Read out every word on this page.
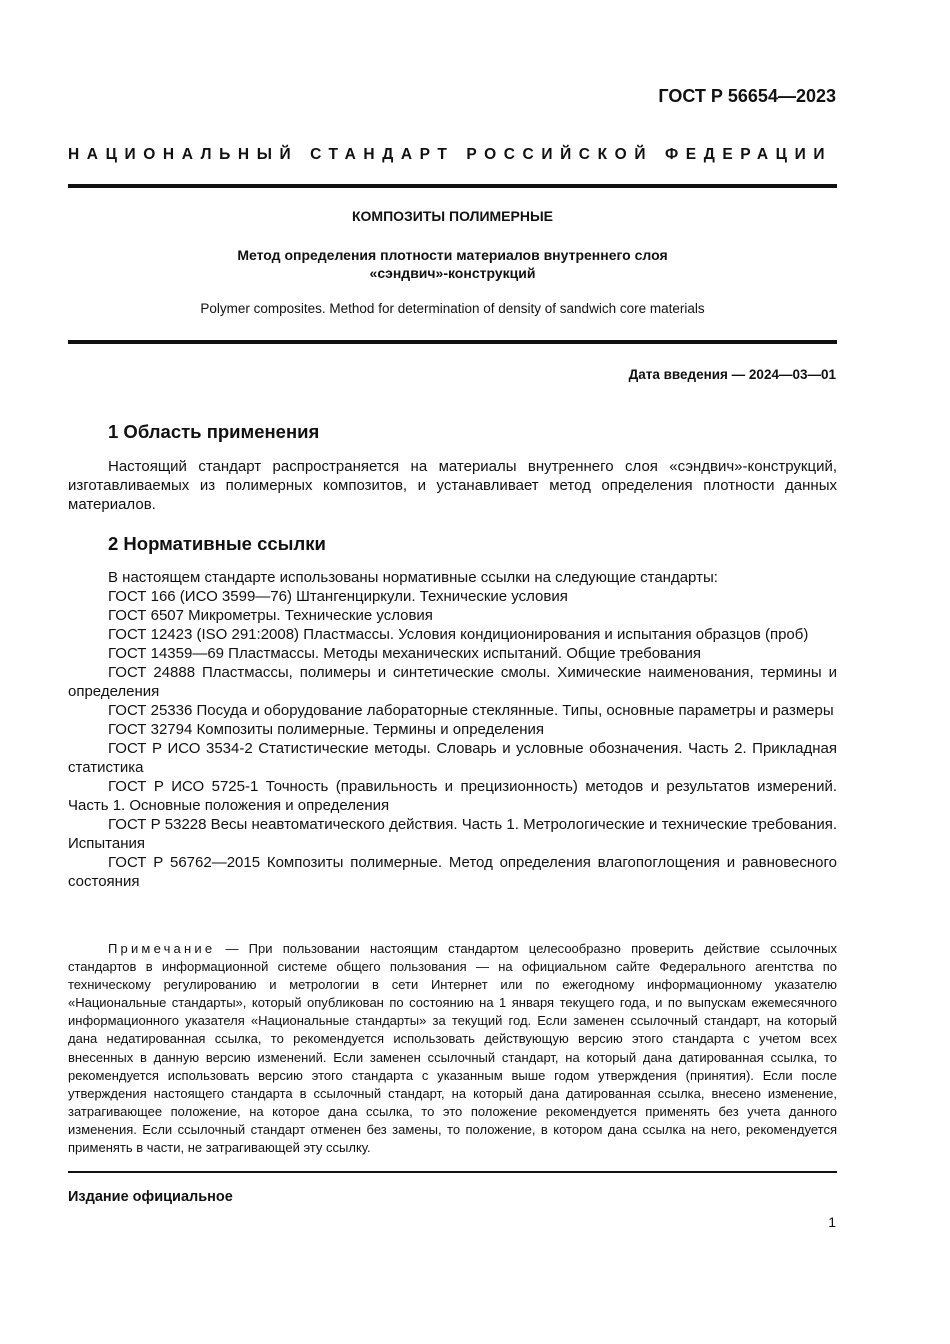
ГОСТ Р 56654—2023
НАЦИОНАЛЬНЫЙ СТАНДАРТ РОССИЙСКОЙ ФЕДЕРАЦИИ
КОМПОЗИТЫ ПОЛИМЕРНЫЕ
Метод определения плотности материалов внутреннего слоя
«сэндвич»-конструкций
Polymer composites. Method for determination of density of sandwich core materials
Дата введения — 2024—03—01
1 Область применения
Настоящий стандарт распространяется на материалы внутреннего слоя «сэндвич»-конструкций, изготавливаемых из полимерных композитов, и устанавливает метод определения плотности данных материалов.
2 Нормативные ссылки

В настоящем стандарте использованы нормативные ссылки на следующие стандарты:

ГОСТ 166 (ИСО 3599—76) Штангенциркули. Технические условия

ГОСТ 6507 Микрометры. Технические условия

ГОСТ 12423 (ISO 291:2008) Пластмассы. Условия кондиционирования и испытания образцов (проб)

ГОСТ 14359—69 Пластмассы. Методы механических испытаний. Общие требования

ГОСТ 24888 Пластмассы, полимеры и синтетические смолы. Химические наименования, термины и определения

ГОСТ 25336 Посуда и оборудование лабораторные стеклянные. Типы, основные параметры и размеры

ГОСТ 32794 Композиты полимерные. Термины и определения

ГОСТ Р ИСО 3534-2 Статистические методы. Словарь и условные обозначения. Часть 2. Прикладная статистика

ГОСТ Р ИСО 5725-1 Точность (правильность и прецизионность) методов и результатов измерений. Часть 1. Основные положения и определения

ГОСТ Р 53228 Весы неавтоматического действия. Часть 1. Метрологические и технические требования. Испытания

ГОСТ Р 56762—2015 Композиты полимерные. Метод определения влагопоглощения и равновесного состояния

Примечание — При пользовании настоящим стандартом целесообразно проверить действие ссылочных стандартов в информационной системе общего пользования — на официальном сайте Федерального агентства по техническому регулированию и метрологии в сети Интернет или по ежегодному информационному указателю «Национальные стандарты», который опубликован по состоянию на 1 января текущего года, и по выпускам ежемесячного информационного указателя «Национальные стандарты» за текущий год. Если заменен ссылочный стандарт, на который дана недатированная ссылка, то рекомендуется использовать действующую версию этого стандарта с учетом всех внесенных в данную версию изменений. Если заменен ссылочный стандарт, на который дана датированная ссылка, то рекомендуется использовать версию этого стандарта с указанным выше годом утверждения (принятия). Если после утверждения настоящего стандарта в ссылочный стандарт, на который дана датированная ссылка, внесено изменение, затрагивающее положение, на которое дана ссылка, то это положение рекомендуется применять без учета данного изменения. Если ссылочный стандарт отменен без замены, то положение, в котором дана ссылка на него, рекомендуется применять в части, не затрагивающей эту ссылку.

Издание официальное
1
